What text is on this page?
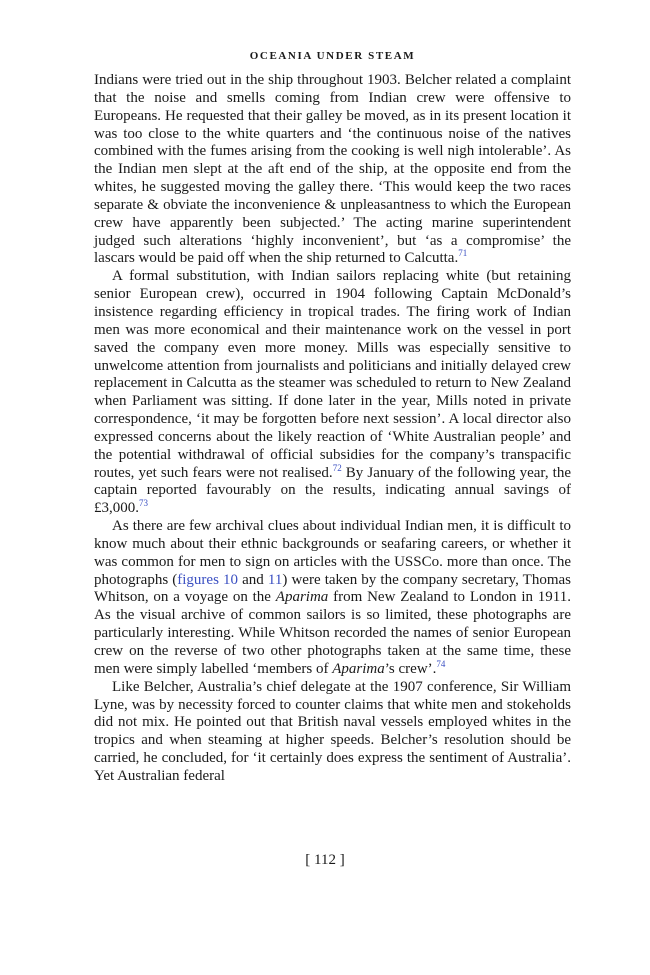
OCEANIA UNDER STEAM

Indians were tried out in the ship throughout 1903. Belcher related a complaint that the noise and smells coming from Indian crew were offensive to Europeans. He requested that their galley be moved, as in its present location it was too close to the white quarters and ‘the continuous noise of the natives combined with the fumes arising from the cooking is well nigh intolerable’. As the Indian men slept at the aft end of the ship, at the opposite end from the whites, he suggested moving the galley there. ‘This would keep the two races separate & obviate the inconvenience & unpleasantness to which the European crew have apparently been subjected.’ The acting marine superintendent judged such alterations ‘highly inconvenient’, but ‘as a compromise’ the lascars would be paid off when the ship returned to Calcutta.$^{71}$

A formal substitution, with Indian sailors replacing white (but retaining senior European crew), occurred in 1904 following Captain McDonald’s insistence regarding efficiency in tropical trades. The firing work of Indian men was more economical and their maintenance work on the vessel in port saved the company even more money. Mills was especially sensitive to unwelcome attention from journalists and politicians and initially delayed crew replacement in Calcutta as the steamer was scheduled to return to New Zealand when Parliament was sitting. If done later in the year, Mills noted in private correspondence, ‘it may be forgotten before next session’. A local director also expressed concerns about the likely reaction of ‘White Australian people’ and the potential withdrawal of official subsidies for the company’s transpacific routes, yet such fears were not realised.$^{72}$ By January of the following year, the captain reported favourably on the results, indicating annual savings of £3,000.73

As there are few archival clues about individual Indian men, it is difficult to know much about their ethnic backgrounds or seafaring careers, or whether it was common for men to sign on articles with the USSCo. more than once. The photographs (figures 10 and 11) were taken by the company secretary, Thomas Whitson, on a voyage on the Aparima from New Zealand to London in 1911. As the visual archive of common sailors is so limited, these photographs are particularly interesting. While Whitson recorded the names of senior European crew on the reverse of two other photographs taken at the same time, these men were simply labelled ‘members of Aparima’s crew’.$^{74}$

Like Belcher, Australia’s chief delegate at the 1907 conference, Sir William Lyne, was by necessity forced to counter claims that white men and stokeholds did not mix. He pointed out that British naval vessels employed whites in the tropics and when steaming at higher speeds. Belcher’s resolution should be carried, he concluded, for ‘it certainly does express the sentiment of Australia’. Yet Australian federal

[ 112 ]
